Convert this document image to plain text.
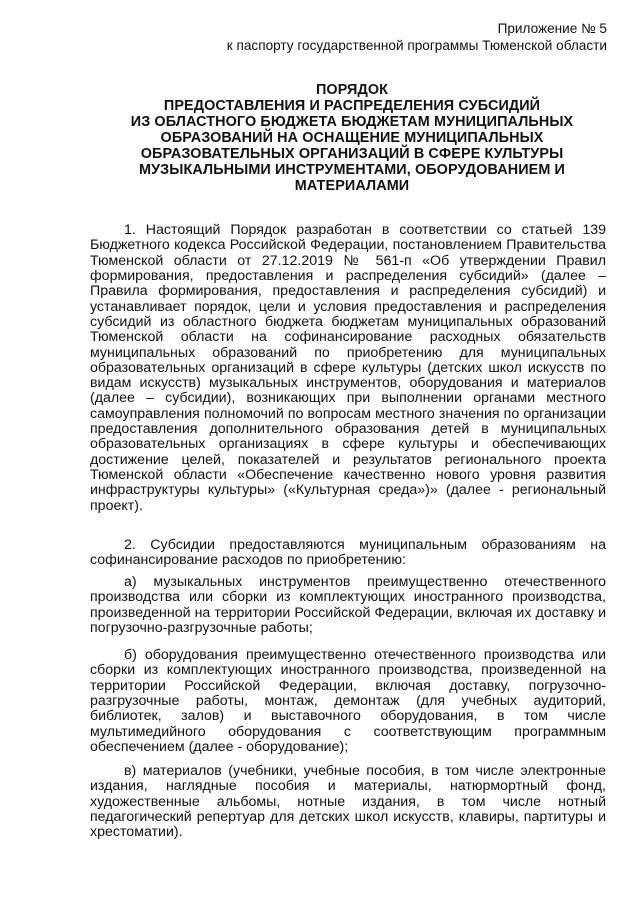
Приложение № 5
к паспорту государственной программы Тюменской области
ПОРЯДОК
ПРЕДОСТАВЛЕНИЯ И РАСПРЕДЕЛЕНИЯ СУБСИДИЙ
ИЗ ОБЛАСТНОГО БЮДЖЕТА БЮДЖЕТАМ МУНИЦИПАЛЬНЫХ
ОБРАЗОВАНИЙ НА ОСНАЩЕНИЕ МУНИЦИПАЛЬНЫХ
ОБРАЗОВАТЕЛЬНЫХ ОРГАНИЗАЦИЙ В СФЕРЕ КУЛЬТУРЫ
МУЗЫКАЛЬНЫМИ ИНСТРУМЕНТАМИ, ОБОРУДОВАНИЕМ И
МАТЕРИАЛАМИ

1. Настоящий Порядок разработан в соответствии со статьей 139 Бюджетного кодекса Российской Федерации, постановлением Правительства Тюменской области от 27.12.2019 № 561-п «Об утверждении Правил формирования, предоставления и распределения субсидий» (далее – Правила формирования, предоставления и распределения субсидий) и устанавливает порядок, цели и условия предоставления и распределения субсидий из областного бюджета бюджетам муниципальных образований Тюменской области на софинансирование расходных обязательств муниципальных образований по приобретению для муниципальных образовательных организаций в сфере культуры (детских школ искусств по видам искусств) музыкальных инструментов, оборудования и материалов (далее – субсидии), возникающих при выполнении органами местного самоуправления полномочий по вопросам местного значения по организации предоставления дополнительного образования детей в муниципальных образовательных организациях в сфере культуры и обеспечивающих достижение целей, показателей и результатов регионального проекта Тюменской области «Обеспечение качественно нового уровня развития инфраструктуры культуры» («Культурная среда»)» (далее - региональный проект).

2. Субсидии предоставляются муниципальным образованиям на софинансирование расходов по приобретению:

а) музыкальных инструментов преимущественно отечественного производства или сборки из комплектующих иностранного производства, произведенной на территории Российской Федерации, включая их доставку и погрузочно-разгрузочные работы;

б) оборудования преимущественно отечественного производства или сборки из комплектующих иностранного производства, произведенной на территории Российской Федерации, включая доставку, погрузочно-разгрузочные работы, монтаж, демонтаж (для учебных аудиторий, библиотек, залов) и выставочного оборудования, в том числе мультимедийного оборудования с соответствующим программным обеспечением (далее - оборудование);

в) материалов (учебники, учебные пособия, в том числе электронные издания, наглядные пособия и материалы, натюрмортный фонд, художественные альбомы, нотные издания, в том числе нотный педагогический репертуар для детских школ искусств, клавиры, партитуры и хрестоматии).
